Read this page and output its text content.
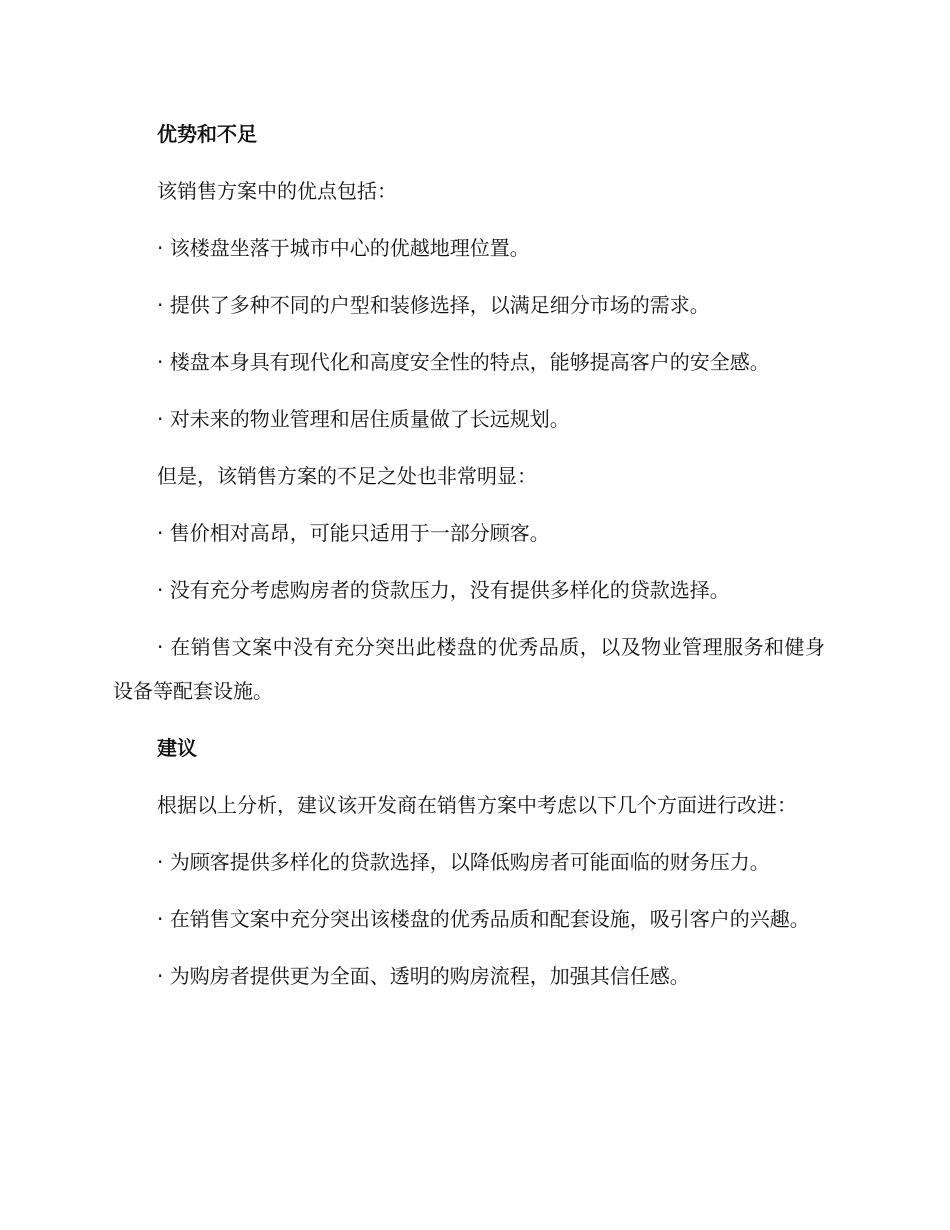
优势和不足

该销售方案中的优点包括：

· 该楼盘坐落于城市中心的优越地理位置。

· 提供了多种不同的户型和装修选择，以满足细分市场的需求。

· 楼盘本身具有现代化和高度安全性的特点，能够提高客户的安全感。

· 对未来的物业管理和居住质量做了长远规划。

但是，该销售方案的不足之处也非常明显：

· 售价相对高昂，可能只适用于一部分顾客。

· 没有充分考虑购房者的贷款压力，没有提供多样化的贷款选择。

· 在销售文案中没有充分突出此楼盘的优秀品质，以及物业管理服务和健身设备等配套设施。

建议

根据以上分析，建议该开发商在销售方案中考虑以下几个方面进行改进：

· 为顾客提供多样化的贷款选择，以降低购房者可能面临的财务压力。

· 在销售文案中充分突出该楼盘的优秀品质和配套设施，吸引客户的兴趣。

· 为购房者提供更为全面、透明的购房流程，加强其信任感。
